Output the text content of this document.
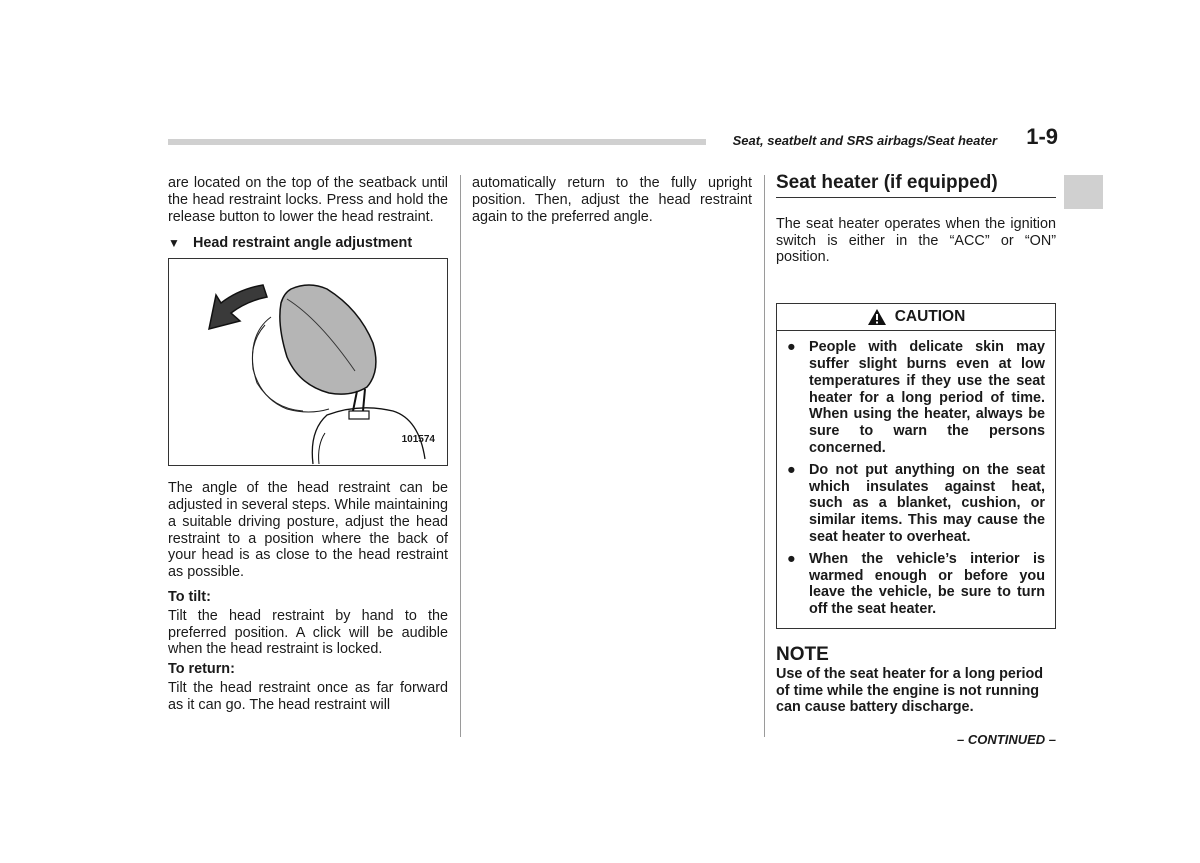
Seat, seatbelt and SRS airbags/Seat heater	1-9

are located on the top of the seatback until the head restraint locks. Press and hold the release button to lower the head restraint.

▼ Head restraint angle adjustment
101574

The angle of the head restraint can be adjusted in several steps. While maintaining a suitable driving posture, adjust the head restraint to a position where the back of your head is as close to the head restraint as possible.

To tilt:

Tilt the head restraint by hand to the preferred position. A click will be audible when the head restraint is locked.

To return:

Tilt the head restraint once as far forward as it can go. The head restraint will

automatically return to the fully upright position. Then, adjust the head restraint again to the preferred angle.

Seat heater (if equipped)

The seat heater operates when the ignition switch is either in the “ACC” or “ON” position.

CAUTION
● People with delicate skin may suffer slight burns even at low temperatures if they use the seat heater for a long period of time. When using the heater, always be sure to warn the persons concerned.
● Do not put anything on the seat which insulates against heat, such as a blanket, cushion, or similar items. This may cause the seat heater to overheat.
● When the vehicle’s interior is warmed enough or before you leave the vehicle, be sure to turn off the seat heater.
NOTE

Use of the seat heater for a long period of time while the engine is not running can cause battery discharge.

– CONTINUED –
